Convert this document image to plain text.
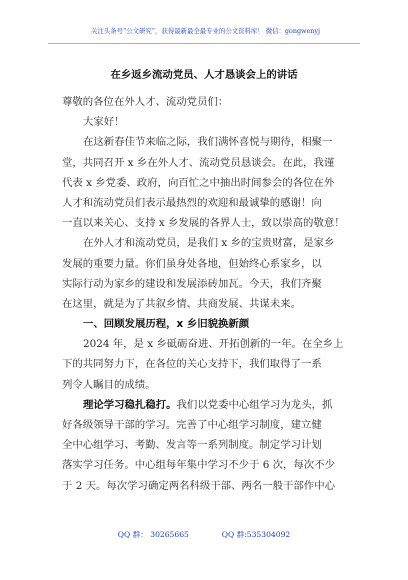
关注头条号“公文研究”，获得最新最全最专业的公文资料库！ 微信：gongwenyj
在乡返乡流动党员、人才恳谈会上的讲话
尊敬的各位在外人才、流动党员们：
大家好！
在这新春佳节来临之际，我们满怀喜悦与期待，相聚一
堂，共同召开 x 乡在外人才、流动党员恳谈会。在此，我谨
代表 x 乡党委、政府，向百忙之中抽出时间参会的各位在外
人才和流动党员们表示最热烈的欢迎和最诚挚的感谢！向
一直以来关心、支持 x 乡发展的各界人士，致以崇高的敬意！
在外人才和流动党员，是我们 x 乡的宝贵财富，是家乡
发展的重要力量。你们虽身处各地，但始终心系家乡，以
实际行动为家乡的建设和发展添砖加瓦。今天，我们齐聚
在这里，就是为了共叙乡情、共商发展、共谋未来。
一、回顾发展历程，x 乡旧貌换新颜
2024 年，是 x 乡砥砺奋进、开拓创新的一年。在全乡上
下的共同努力下，在各位的关心支持下，我们取得了一系
列令人瞩目的成绩。
理论学习稳扎稳打。我们以党委中心组学习为龙头，抓
好各级领导干部的学习。完善了中心组学习制度，建立健
全中心组学习、考勤、发言等一系列制度。制定学习计划
落实学习任务。中心组每年集中学习不少于 6 次，每次不少
于 2 天。每次学习确定两名科级干部、两名一般干部作中心
QQ 群： 30265665	QQ 群:535304092
